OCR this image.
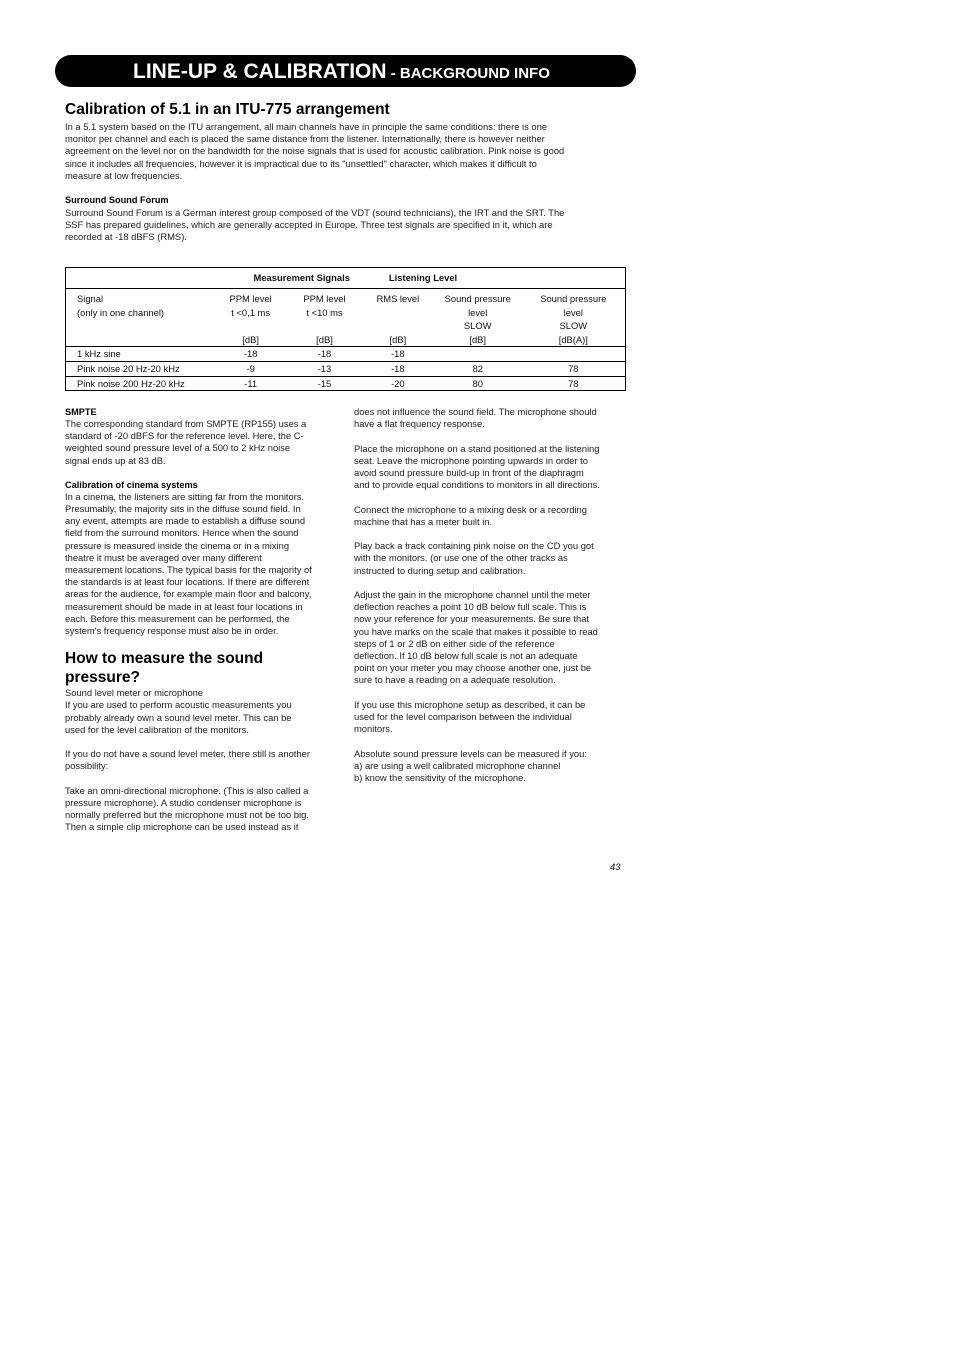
LINE-UP & CALIBRATION - BACKGROUND INFO
Calibration of 5.1 in an ITU-775 arrangement
In a 5.1 system based on the ITU arrangement, all main channels have in principle the same conditions: there is one
monitor per channel and each is placed the same distance from the listener. Internationally, there is however neither
agreement on the level nor on the bandwidth for the noise signals that is used for acoustic calibration. Pink noise is good
since it includes all frequencies, however it is impractical due to its "unsettled" character, which makes it difficult to
measure at low frequencies.
Surround Sound Forum
Surround Sound Forum is a German interest group composed of the VDT (sound technicians), the IRT and the SRT. The
SSF has prepared guidelines, which are generally accepted in Europe. Three test signals are specified in it, which are
recorded at -18 dBFS (RMS).
Measurement Signals			Listening Level		
Signal	PPM level	PPM level	RMS level	Sound pressure	Sound pressure
(only in one channel)	t <0,1 ms	t <10 ms		level	level
				SLOW	SLOW
	[dB]	[dB]	[dB]	[dB]	[dB(A)]
1 kHz sine	-18	-18	-18		
Pink noise 20 Hz-20 kHz	-9	-13	-18	82	78
Pink noise 200 Hz-20 kHz	-11	-15	-20	80	78
SMPTE
The corresponding standard from SMPTE (RP155) uses a
standard of -20 dBFS for the reference level. Here, the C-
weighted sound pressure level of a 500 to 2 kHz noise
signal ends up at 83 dB.
Calibration of cinema systems
In a cinema, the listeners are sitting far from the monitors.
Presumably, the majority sits in the diffuse sound field. In
any event, attempts are made to establish a diffuse sound
field from the surround monitors. Hence when the sound
pressure is measured inside the cinema or in a mixing
theatre it must be averaged over many different
measurement locations. The typical basis for the majority of
the standards is at least four locations. If there are different
areas for the audience, for example main floor and balcony,
measurement should be made in at least four locations in
each. Before this measurement can be performed, the
system's frequency response must also be in order.
How to measure the sound
pressure?
Sound level meter or microphone
If you are used to perform acoustic measurements you
probably already own a sound level meter. This can be
used for the level calibration of the monitors.
If you do not have a sound level meter, there still is another
possibility:
Take an omni-directional microphone. (This is also called a
pressure microphone). A studio condenser microphone is
normally preferred but the microphone must not be too big.
Then a simple clip microphone can be used instead as it
does not influence the sound field. The microphone should
have a flat frequency response.
Place the microphone on a stand positioned at the listening
seat. Leave the microphone pointing upwards in order to
avoid sound pressure build-up in front of the diaphragm
and to provide equal conditions to monitors in all directions.
Connect the microphone to a mixing desk or a recording
machine that has a meter built in.
Play back a track containing pink noise on the CD you got
with the monitors. (or use one of the other tracks as
instructed to during setup and calibration.
Adjust the gain in the microphone channel until the meter
deflection reaches a point 10 dB below full scale. This is
now your reference for your measurements. Be sure that
you have marks on the scale that makes it possible to read
steps of 1 or 2 dB on either side of the reference
deflection. If 10 dB below full scale is not an adequate
point on your meter you may choose another one, just be
sure to have a reading on a adequate resolution.
If you use this microphone setup as described, it can be
used for the level comparison between the individual
monitors.
Absolute sound pressure levels can be measured if you:
a) are using a well calibrated microphone channel
b) know the sensitivity of the microphone.
43
